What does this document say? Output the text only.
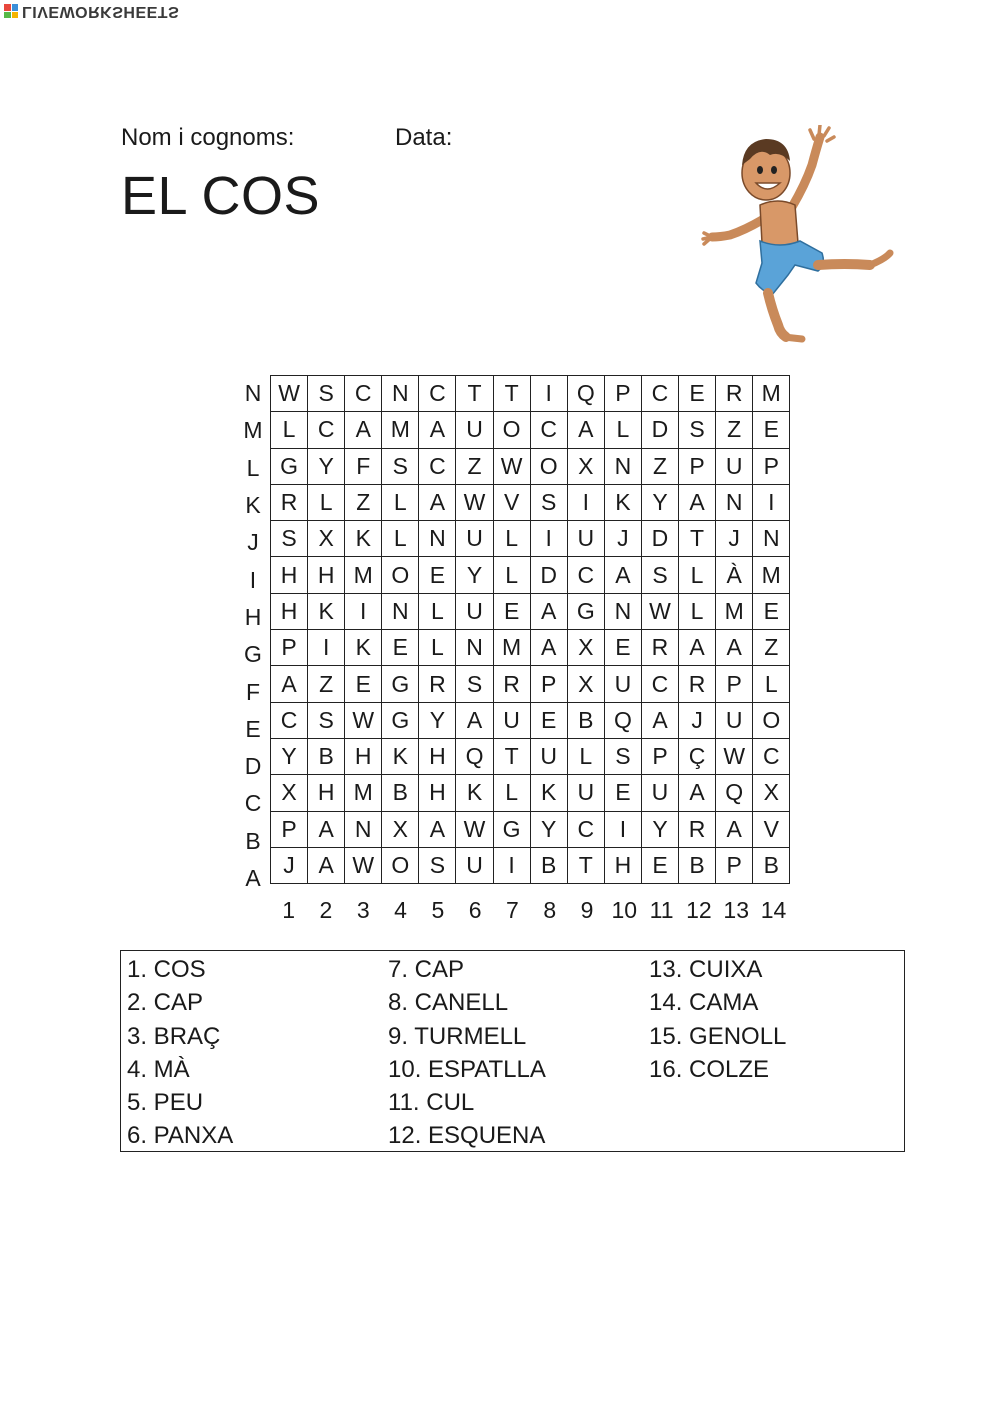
LIVEWORKSHEETS
Nom i cognoms:	Data:
EL COS
N
M
L
K
J
I
H
G
F
E
D
C
B
A
W	S	C	N	C	T	T	I	Q	P	C	E	R	M
L	C	A	M	A	U	O	C	A	L	D	S	Z	E
G	Y	F	S	C	Z	W	O	X	N	Z	P	U	P
R	L	Z	L	A	W	V	S	I	K	Y	A	N	I
S	X	K	L	N	U	L	I	U	J	D	T	J	N
H	H	M	O	E	Y	L	D	C	A	S	L	À	M
H	K	I	N	L	U	E	A	G	N	W	L	M	E
P	I	K	E	L	N	M	A	X	E	R	A	A	Z
A	Z	E	G	R	S	R	P	X	U	C	R	P	L
C	S	W	G	Y	A	U	E	B	Q	A	J	U	O
Y	B	H	K	H	Q	T	U	L	S	P	Ç	W	C
X	H	M	B	H	K	L	K	U	E	U	A	Q	X
P	A	N	X	A	W	G	Y	C	I	Y	R	A	V
J	A	W	O	S	U	I	B	T	H	E	B	P	B
1	2	3	4	5	6	7	8	9 10 11 12 13 14
1. COS
2. CAP
3. BRAÇ
4. MÀ
5. PEU
6. PANXA
7. CAP
8. CANELL
9. TURMELL
10. ESPATLLA
11. CUL
12. ESQUENA
13. CUIXA
14. CAMA
15. GENOLL
16. COLZE
